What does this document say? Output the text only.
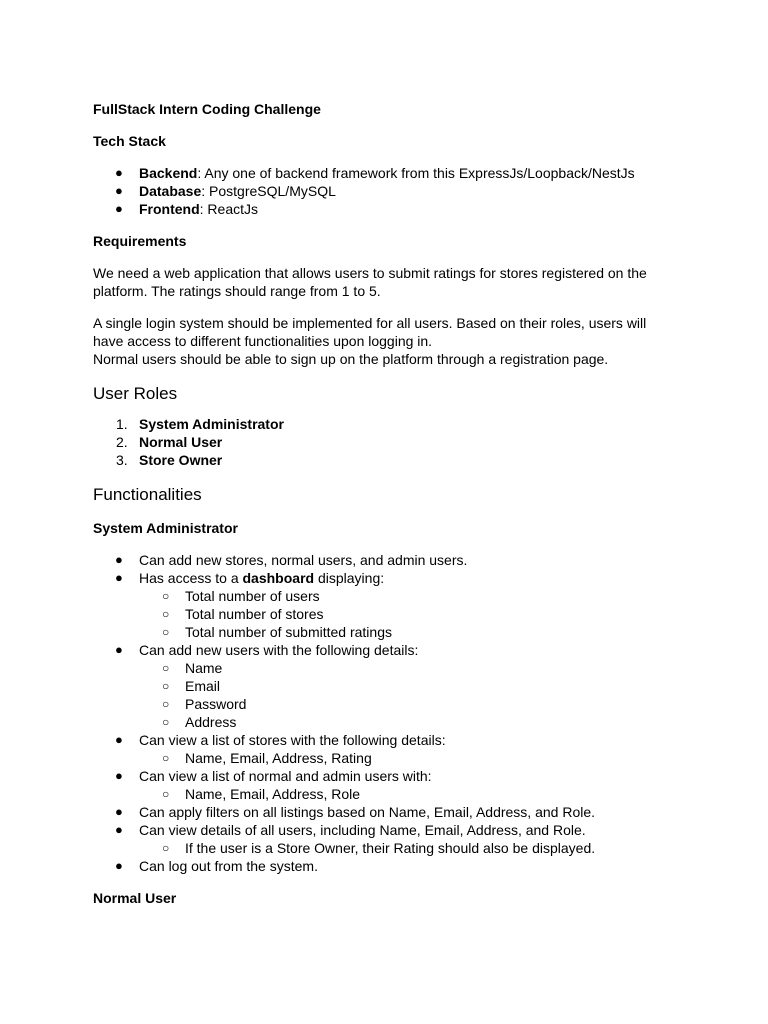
FullStack Intern Coding Challenge
Tech Stack
●	Backend: Any one of backend framework from this ExpressJs/Loopback/NestJs
●	Database: PostgreSQL/MySQL
●	Frontend: ReactJs
Requirements

We need a web application that allows users to submit ratings for stores registered on the platform. The ratings should range from 1 to 5.

A single login system should be implemented for all users. Based on their roles, users will have access to different functionalities upon logging in.

Normal users should be able to sign up on the platform through a registration page.

User Roles
1. System Administrator
2. Normal User
3. Store Owner
Functionalities
System Administrator
●	Can add new stores, normal users, and admin users.
●	Has access to a dashboard displaying:
○	Total number of users
○	Total number of stores
○	Total number of submitted ratings
●	Can add new users with the following details:
○	Name
○	Email
○	Password
○	Address
●	Can view a list of stores with the following details:
○	Name, Email, Address, Rating
●	Can view a list of normal and admin users with:
○	Name, Email, Address, Role
●	Can apply filters on all listings based on Name, Email, Address, and Role.
●	Can view details of all users, including Name, Email, Address, and Role.
○	If the user is a Store Owner, their Rating should also be displayed.
●	Can log out from the system.
Normal User
